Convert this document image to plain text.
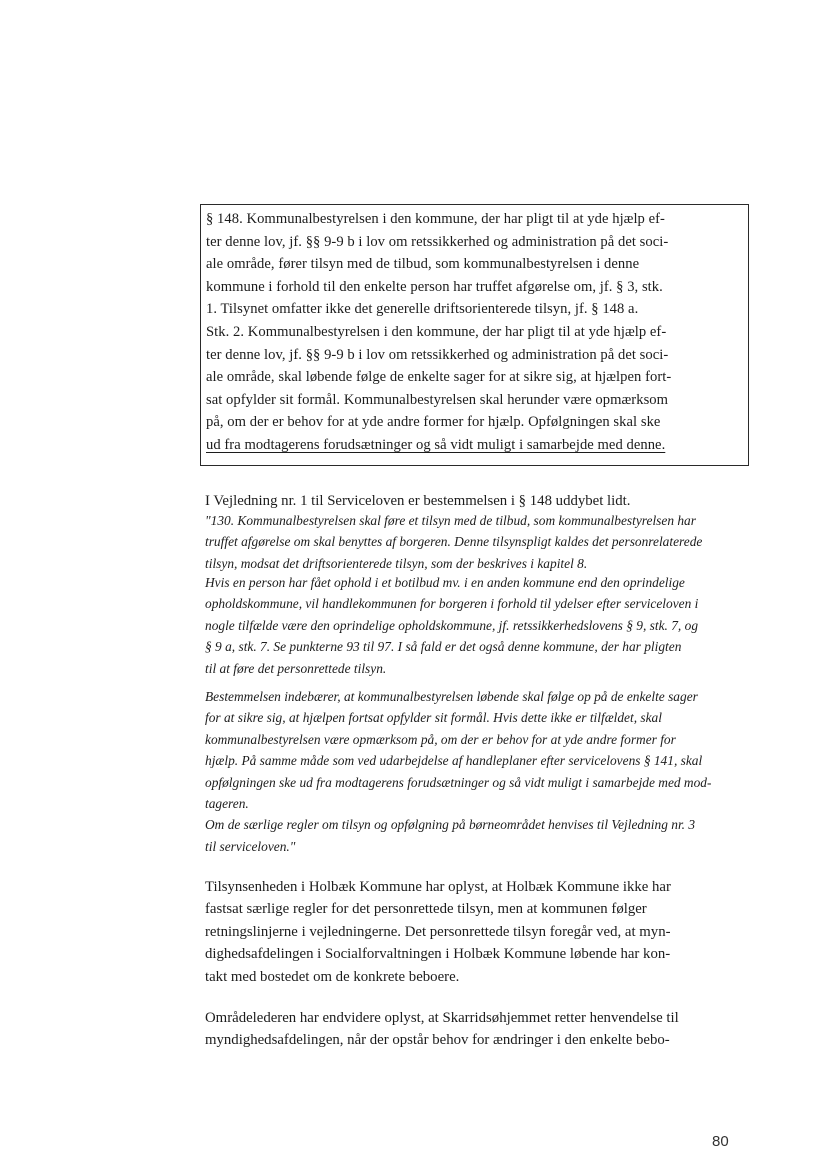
§ 148. Kommunalbestyrelsen i den kommune, der har pligt til at yde hjælp ef-
ter denne lov, jf. §§ 9-9 b i lov om retssikkerhed og administration på det soci-
ale område, fører tilsyn med de tilbud, som kommunalbestyrelsen i denne
kommune i forhold til den enkelte person har truffet afgørelse om, jf. § 3, stk.
1. Tilsynet omfatter ikke det generelle driftsorienterede tilsyn, jf. § 148 a.
Stk. 2. Kommunalbestyrelsen i den kommune, der har pligt til at yde hjælp ef-
ter denne lov, jf. §§ 9-9 b i lov om retssikkerhed og administration på det soci-
ale område, skal løbende følge de enkelte sager for at sikre sig, at hjælpen fort-
sat opfylder sit formål. Kommunalbestyrelsen skal herunder være opmærksom
på, om der er behov for at yde andre former for hjælp. Opfølgningen skal ske
ud fra modtagerens forudsætninger og så vidt muligt i samarbejde med denne.
I Vejledning nr. 1 til Serviceloven er bestemmelsen i § 148 uddybet lidt.
"130. Kommunalbestyrelsen skal føre et tilsyn med de tilbud, som kommunalbestyrelsen har
truffet afgørelse om skal benyttes af borgeren. Denne tilsynspligt kaldes det personrelaterede
tilsyn, modsat det driftsorienterede tilsyn, som der beskrives i kapitel 8.
Hvis en person har fået ophold i et botilbud mv. i en anden kommune end den oprindelige
opholdskommune, vil handlekommunen for borgeren i forhold til ydelser efter serviceloven i
nogle tilfælde være den oprindelige opholdskommune, jf. retssikkerhedslovens § 9, stk. 7, og
§ 9 a, stk. 7. Se punkterne 93 til 97. I så fald er det også denne kommune, der har pligten
til at føre det personrettede tilsyn.
Bestemmelsen indebærer, at kommunalbestyrelsen løbende skal følge op på de enkelte sager
for at sikre sig, at hjælpen fortsat opfylder sit formål. Hvis dette ikke er tilfældet, skal
kommunalbestyrelsen være opmærksom på, om der er behov for at yde andre former for
hjælp. På samme måde som ved udarbejdelse af handleplaner efter servicelovens § 141, skal
opfølgningen ske ud fra modtagerens forudsætninger og så vidt muligt i samarbejde med mod-
tageren.
Om de særlige regler om tilsyn og opfølgning på børneområdet henvises til Vejledning nr. 3
til serviceloven."
Tilsynsenheden i Holbæk Kommune har oplyst, at Holbæk Kommune ikke har
fastsat særlige regler for det personrettede tilsyn, men at kommunen følger
retningslinjerne i vejledningerne. Det personrettede tilsyn foregår ved, at myn-
dighedsafdelingen i Socialforvaltningen i Holbæk Kommune løbende har kon-
takt med bostedet om de konkrete beboere.
Områdelederen har endvidere oplyst, at Skarridsøhjemmet retter henvendelse til
myndighedsafdelingen, når der opstår behov for ændringer i den enkelte bebo-
80
